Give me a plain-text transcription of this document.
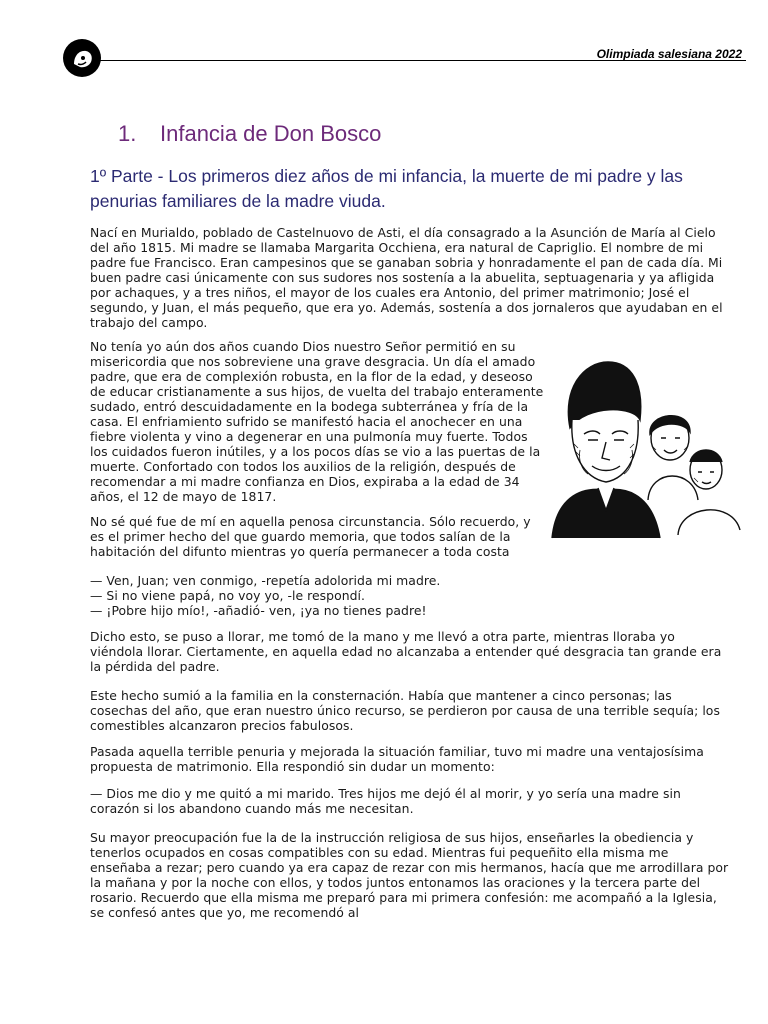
Olimpiada salesiana 2022
1. Infancia de Don Bosco
1º Parte - Los primeros diez años de mi infancia, la muerte de mi padre y las penurias familiares de la madre viuda.
Nací en Murialdo, poblado de Castelnuovo de Asti, el día consagrado a la Asunción de María al Cielo del año 1815. Mi madre se llamaba Margarita Occhiena, era natural de Capriglio. El nombre de mi padre fue Francisco. Eran campesinos que se ganaban sobria y honradamente el pan de cada día. Mi buen padre casi únicamente con sus sudores nos sostenía a la abuelita, septuagenaria y ya afligida por achaques, y a tres niños, el mayor de los cuales era Antonio, del primer matrimonio; José el segundo, y Juan, el más pequeño, que era yo. Además, sostenía a dos jornaleros que ayudaban en el trabajo del campo.
No tenía yo aún dos años cuando Dios nuestro Señor permitió en su misericordia que nos sobreviene una grave desgracia. Un día el amado padre, que era de complexión robusta, en la flor de la edad, y deseoso de educar cristianamente a sus hijos, de vuelta del trabajo enteramente sudado, entró descuidadamente en la bodega subterránea y fría de la casa. El enfriamiento sufrido se manifestó hacia el anochecer en una fiebre violenta y vino a degenerar en una pulmonía muy fuerte. Todos los cuidados fueron inútiles, y a los pocos días se vio a las puertas de la muerte. Confortado con todos los auxilios de la religión, después de recomendar a mi madre confianza en Dios, expiraba a la edad de 34 años, el 12 de mayo de 1817.
No sé qué fue de mí en aquella penosa circunstancia. Sólo recuerdo, y es el primer hecho del que guardo memoria, que todos salían de la habitación del difunto mientras yo quería permanecer a toda costa

— Ven, Juan; ven conmigo, -repetía adolorida mi madre.

— Si no viene papá, no voy yo, -le respondí.

— ¡Pobre hijo mío!, -añadió- ven, ¡ya no tienes padre!

Dicho esto, se puso a llorar, me tomó de la mano y me llevó a otra parte, mientras lloraba yo viéndola llorar. Ciertamente, en aquella edad no alcanzaba a entender qué desgracia tan grande era la pérdida del padre.
Este hecho sumió a la familia en la consternación. Había que mantener a cinco personas; las cosechas del año, que eran nuestro único recurso, se perdieron por causa de una terrible sequía; los comestibles alcanzaron precios fabulosos.
Pasada aquella terrible penuria y mejorada la situación familiar, tuvo mi madre una ventajosísima propuesta de matrimonio. Ella respondió sin dudar un momento:
— Dios me dio y me quitó a mi marido. Tres hijos me dejó él al morir, y yo sería una madre sin corazón si los abandono cuando más me necesitan.
Su mayor preocupación fue la de la instrucción religiosa de sus hijos, enseñarles la obediencia y tenerlos ocupados en cosas compatibles con su edad. Mientras fui pequeñito ella misma me enseñaba a rezar; pero cuando ya era capaz de rezar con mis hermanos, hacía que me arrodillara por la mañana y por la noche con ellos, y todos juntos entonamos las oraciones y la tercera parte del rosario. Recuerdo que ella misma me preparó para mi primera confesión: me acompañó a la Iglesia, se confesó antes que yo, me recomendó al
